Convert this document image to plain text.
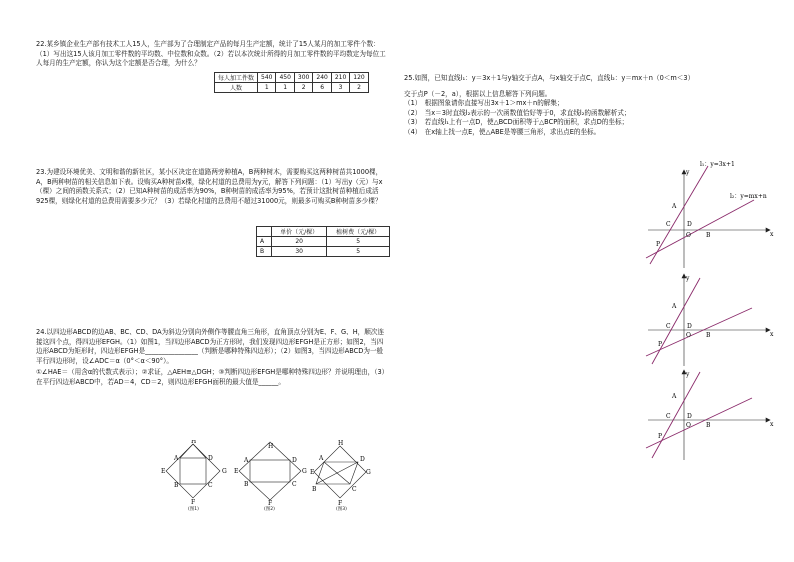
22.某乡镇企业生产部有技术工人15人，生产部为了合理制定产品的每月生产定额，统计了15人某月的加工零件个数：（1）写出这15人该月加工零件数的平均数、中位数和众数。（2）若以本次统计所得的月加工零件数的平均数定为每位工人每月的生产定额，你认为这个定额是否合理，为什么？

每人加工件数	540	450	300	240	210	120
人数	1	1	2	6	3	2

23.为建设环境优美、文明和谐的新社区，某小区决定在道路两旁种植A，B两种树木，需要购买这两种树苗共1000棵，A，B两种树苗的相关信息如下表。设购买A种树苗x棵，绿化村道的总费用为y元，解答下列问题：（1）写出y（元）与x（棵）之间的函数关系式；（2）已知A种树苗的成活率为90%，B种树苗的成活率为95%，若预计这批树苗种植后成活925棵，则绿化村道的总费用需要多少元？（3）若绿化村道的总费用不超过31000元，则最多可购买B种树苗多少棵？

	单价（元/棵）	植树费（元/棵）
A	20	5
B	30	5

24.以四边形ABCD的边AB、BC、CD、DA为斜边分别向外侧作等腰直角三角形，直角顶点分别为E、F、G、H，顺次连接这四个点，得四边形EFGH。（1）如图1，当四边形ABCD为正方形时，我们发现四边形EFGH是正方形；如图2，当四边形ABCD为矩形时，四边形EFGH是________________（判断是哪种特殊四边形）；（2）如图3，当四边形ABCD为一般平行四边形时，设∠ADC＝α（0°＜α＜90°）。

①∠HAE＝（用含α的代数式表示）；②求证，△AEH≌△DGH；③判断四边形EFGH是哪种特殊四边形？并说明理由，（3）在平行四边形ABCD中，若AD＝4，CD＝2，则四边形EFGH面积的最大值是______。

H
A	D
E	G
B	C
F
(图1)
H
A	D
E	G
B	C
F
(图2)
H
A	D
E	G
B	C
F
(图3)

25.如图，已知直线l₁：y＝3x＋1与y轴交于点A，与x轴交于点C，直线l₂：y＝mx＋n（0＜m＜3）

交于点P（－2，a），根据以上信息解答下列问题。

（1）　根据图象请你直接写出3x＋1＞mx＋n的解集；

（2）　当x＝3时直线l₂表示的一次函数值恰好等于0，求直线l₂的函数解析式；

（3）　若直线l₁上有一点D，使△BCD面积等于△BCP的面积，求点D的坐标；

（4）　在x轴上找一点E，使△ABE是等腰三角形，求出点E的坐标。

l₁：y=3x+1
l₂：y=mx+n
y
x
A
C	D
O	B
P
y
x
A
C	D
O	B
P
y
x
A
C	D
O	B
P
